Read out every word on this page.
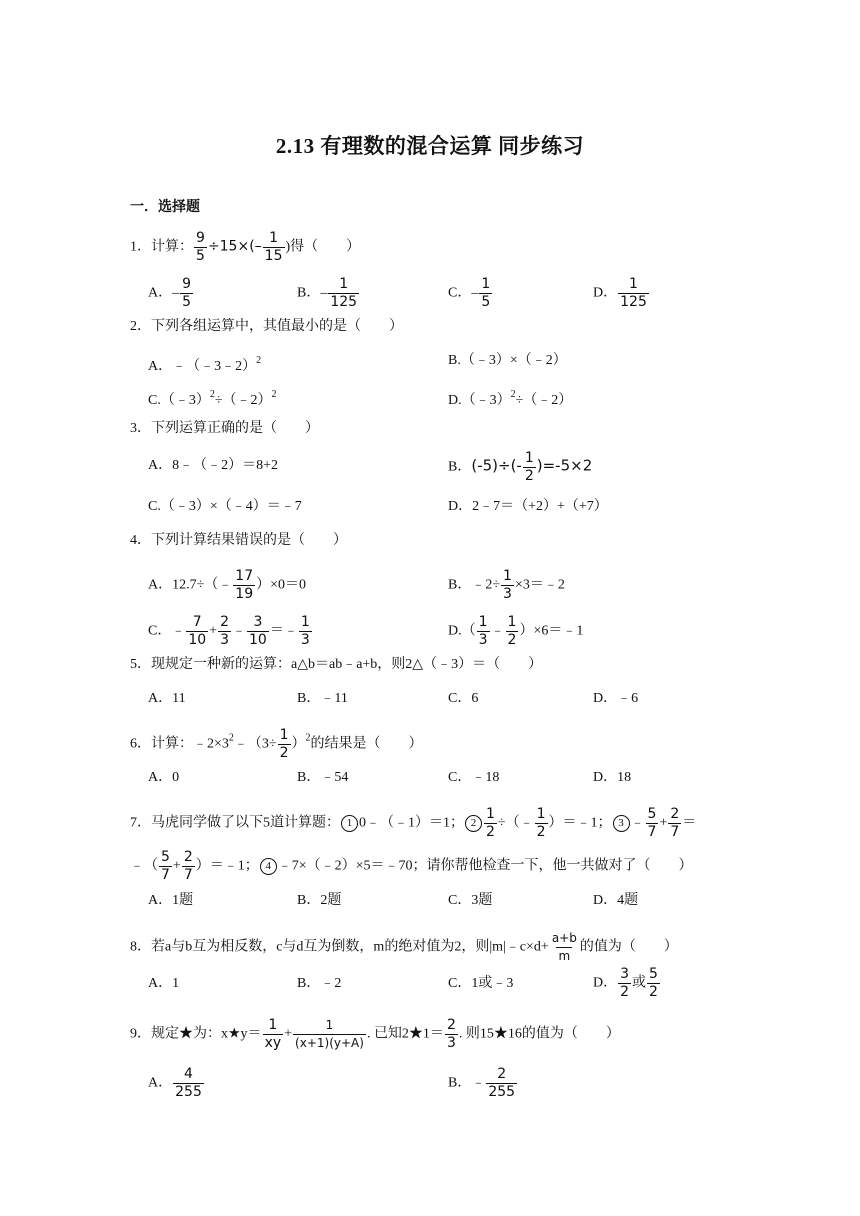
2.13 有理数的混合运算 同步练习
一．选择题
1．计算： $\frac{9}{5} \div 15\times(- \frac{1}{15}$ )得（　　）
A．– $\frac{9}{5}$	B．– $\frac{1}{125}$	C．– $\frac{1}{5}$	D． $\frac{1}{125}$
2．下列各组运算中，其值最小的是（　　）
A．﹣（﹣3﹣2）$^2$	B.（﹣3）×（﹣2）
C.（﹣3）$^2$÷（﹣2）$^2$	D.（﹣3）$^2$÷（﹣2）
3．下列运算正确的是（　　）
A．8﹣（﹣2）＝8+2	B．$(-5)\div(- \frac{1}{2} )=-5\times 2$
C.（﹣3）×（﹣4）＝﹣7	D．2﹣7＝（+2）+（+7）
4．下列计算结果错误的是（　　）
A．12.7÷（﹣ $\frac{17}{19} )\times 0=0$	B．﹣2÷ $\frac{1}{3}$ ×3＝﹣2
C．﹣ $\frac{7}{10} + \frac{2}{3}$ ﹣ $\frac{3}{10}$ ＝﹣ $\frac{1}{3}$	$D.( \frac{1}{3}$ ﹣ $\frac{1}{2}$ ）×6＝﹣1
5．现规定一种新的运算：a△b＝ab﹣a+b，则2△（﹣3）＝（　　）
A．11	B．﹣11	C．6	D．﹣6
6．计算：$﹣2\times 3^2﹣(3\div \frac{1}{2} )^2$的结果是（　　）
A．0	B．﹣54	C．﹣18	D．18
7．马虎同学做了以下5道计算题： 1 0﹣（﹣1）＝1； $2 \frac{1}{2}$ ÷（﹣ $\frac{1}{2}$ ）＝﹣1； 3 ﹣ $\frac{5}{7} + \frac{2}{7}$ ＝
﹣（ $\frac{5}{7} + \frac{2}{7}$ ）＝﹣1； 4 ﹣7×（﹣2）×5＝﹣70；请你帮他检查一下，他一共做对了（　　）
A．1题	B．2题	C．3题	D．4题
8．若a与b互为相反数，c与d互为倒数，m的绝对值为2，则|m|﹣c×d+ $\frac{a+b}{m}$ 的值为（　　）
A．1	B．﹣2	C．1或﹣3	D． $\frac{3}{2}$ 或 $\frac{5}{2}$
9．规定★为：x★y＝ $\frac{1}{xy} + \frac{1}{(x+1)(y+A)}$ . 已知2★1＝ $\frac{2}{3}$ . 则15★16的值为（　　）
A． $\frac{4}{255}$	B．﹣ $\frac{2}{255}$
